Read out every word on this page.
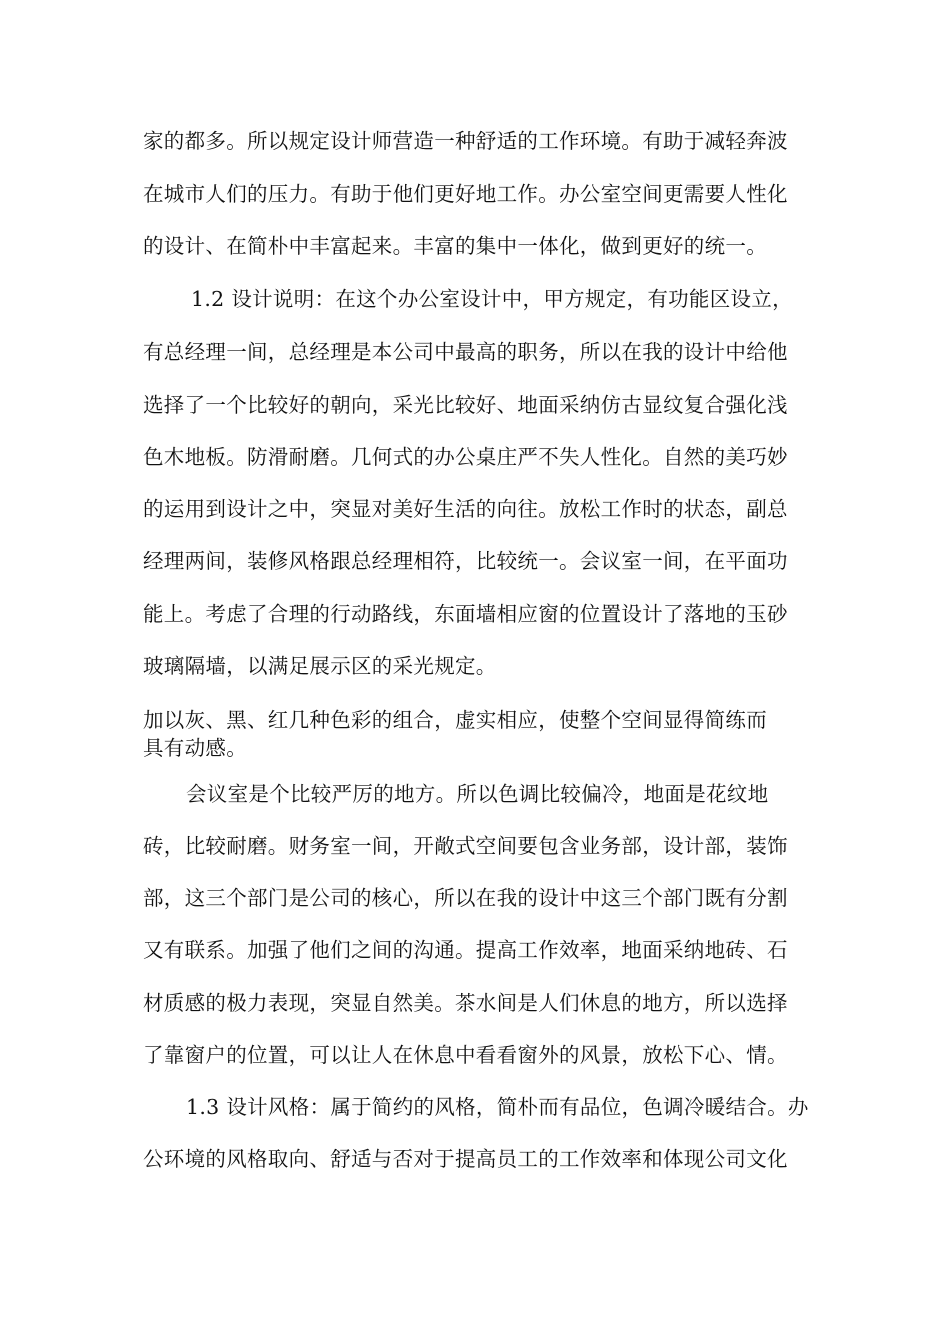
家的都多。所以规定设计师营造一种舒适的工作环境。有助于减轻奔波
在城市人们的压力。有助于他们更好地工作。办公室空间更需要人性化
的设计、在简朴中丰富起来。丰富的集中一体化，做到更好的统一。
1.2 设计说明：在这个办公室设计中，甲方规定，有功能区设立，
有总经理一间，总经理是本公司中最高的职务，所以在我的设计中给他
选择了一个比较好的朝向，采光比较好、地面采纳仿古显纹复合强化浅
色木地板。防滑耐磨。几何式的办公桌庄严不失人性化。自然的美巧妙
的运用到设计之中，突显对美好生活的向往。放松工作时的状态，副总
经理两间，装修风格跟总经理相符，比较统一。会议室一间，在平面功
能上。考虑了合理的行动路线，东面墙相应窗的位置设计了落地的玉砂
玻璃隔墙，以满足展示区的采光规定。
加以灰、黑、红几种色彩的组合，虚实相应，使整个空间显得简练而
具有动感。
会议室是个比较严厉的地方。所以色调比较偏冷，地面是花纹地
砖，比较耐磨。财务室一间，开敞式空间要包含业务部，设计部，装饰
部，这三个部门是公司的核心，所以在我的设计中这三个部门既有分割
又有联系。加强了他们之间的沟通。提高工作效率，地面采纳地砖、石
材质感的极力表现，突显自然美。茶水间是人们休息的地方，所以选择
了靠窗户的位置，可以让人在休息中看看窗外的风景，放松下心、情。
1.3 设计风格：属于简约的风格，简朴而有品位，色调冷暖结合。办
公环境的风格取向、舒适与否对于提高员工的工作效率和体现公司文化
